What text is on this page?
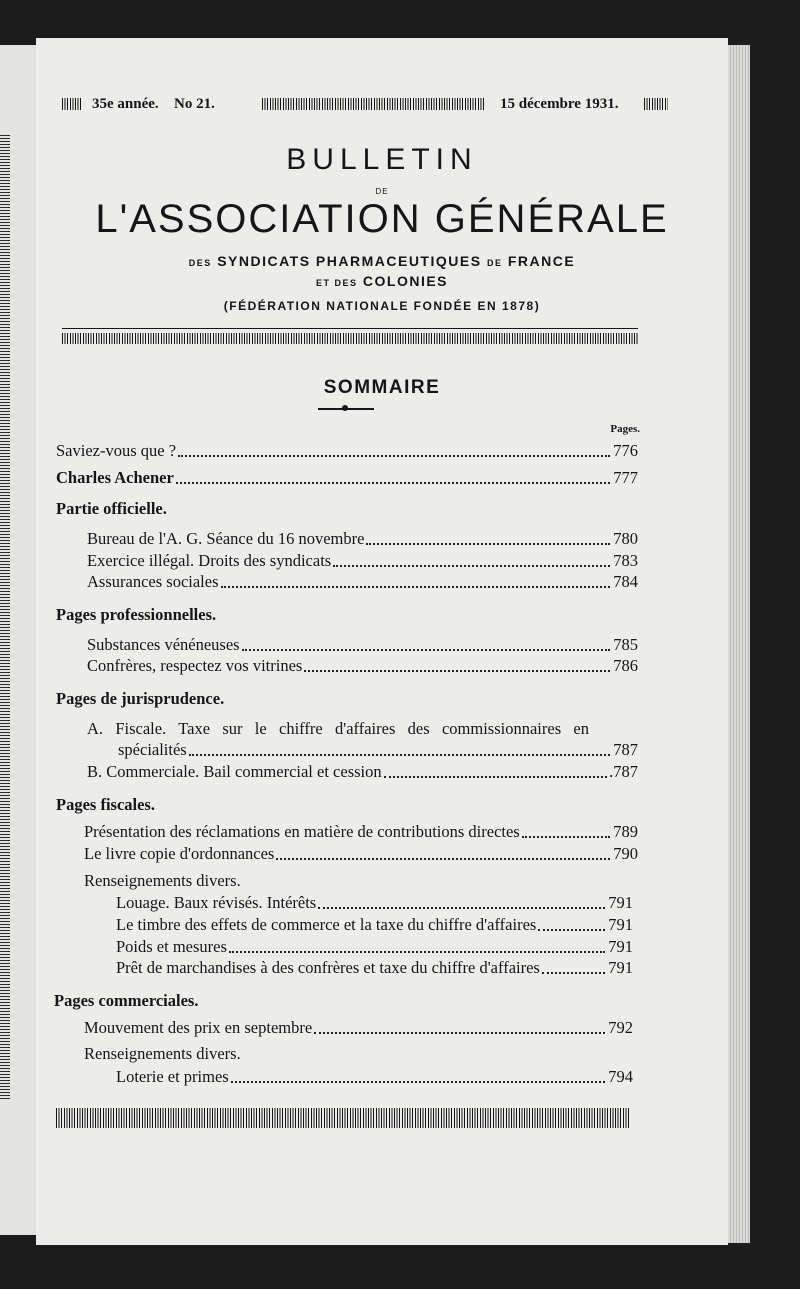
35e année. No 21.	15 décembre 1931.
BULLETIN
DE
L'ASSOCIATION GÉNÉRALE
DES SYNDICATS PHARMACEUTIQUES DE FRANCE
ET DES COLONIES
(FÉDÉRATION NATIONALE FONDÉE EN 1878)
SOMMAIRE
Pages.
Saviez-vous que ?	776
Charles Achener	777
Partie officielle.
Bureau de l'A. G. Séance du 16 novembre	780
Exercice illégal. Droits des syndicats	783
Assurances sociales	784
Pages professionnelles.
Substances vénéneuses	785
Confrères, respectez vos vitrines	786
Pages de jurisprudence.
A. Fiscale. Taxe sur le chiffre d'affaires des commissionnaires en
spécialités	787
B. Commerciale. Bail commercial et cession	.787
Pages fiscales.
Présentation des réclamations en matière de contributions directes	789
Le livre copie d'ordonnances	790
Renseignements divers.
Louage. Baux révisés. Intérêts	791
Le timbre des effets de commerce et la taxe du chiffre d'affaires	791
Poids et mesures	791
Prêt de marchandises à des confrères et taxe du chiffre d'affaires	791
Pages commerciales.
Mouvement des prix en septembre	792
Renseignements divers.
Loterie et primes	794
